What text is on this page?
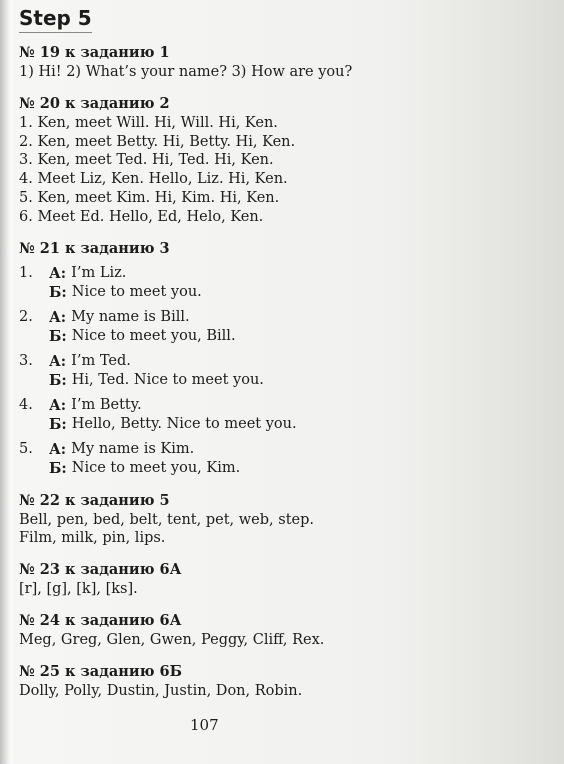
Step 5
№ 19 к заданию 1
1) Hi! 2) What’s your name? 3) How are you?
№ 20 к заданию 2
1. Ken, meet Will. Hi, Will. Hi, Ken.
2. Ken, meet Betty. Hi, Betty. Hi, Ken.
3. Ken, meet Ted. Hi, Ted. Hi, Ken.
4. Meet Liz, Ken. Hello, Liz. Hi, Ken.
5. Ken, meet Kim. Hi, Kim. Hi, Ken.
6. Meet Ed. Hello, Ed, Helo, Ken.
№ 21 к заданию 3
1.	А: I’m Liz.
Б: Nice to meet you.
2.	А: My name is Bill.
Б: Nice to meet you, Bill.
3.	А: I’m Ted.
Б: Hi, Ted. Nice to meet you.
4.	А: I’m Betty.
Б: Hello, Betty. Nice to meet you.
5.	А: My name is Kim.
Б: Nice to meet you, Kim.
№ 22 к заданию 5
Bell, pen, bed, belt, tent, pet, web, step.
Film, milk, pin, lips.
№ 23 к заданию 6А
[r], [g], [k], [ks].
№ 24 к заданию 6А
Meg, Greg, Glen, Gwen, Peggy, Cliff, Rex.
№ 25 к заданию 6Б
Dolly, Polly, Dustin, Justin, Don, Robin.
107
